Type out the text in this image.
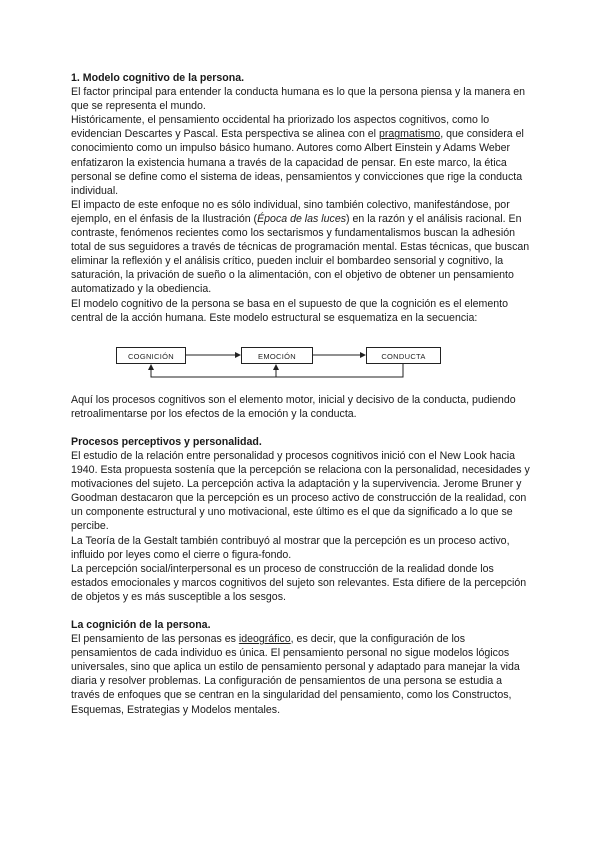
1. Modelo cognitivo de la persona.

El factor principal para entender la conducta humana es lo que la persona piensa y la manera en que se representa el mundo.

Históricamente, el pensamiento occidental ha priorizado los aspectos cognitivos, como lo evidencian Descartes y Pascal. Esta perspectiva se alinea con el pragmatismo, que considera el conocimiento como un impulso básico humano. Autores como Albert Einstein y Adams Weber enfatizaron la existencia humana a través de la capacidad de pensar. En este marco, la ética personal se define como el sistema de ideas, pensamientos y convicciones que rige la conducta individual.

El impacto de este enfoque no es sólo individual, sino también colectivo, manifestándose, por ejemplo, en el énfasis de la Ilustración (Época de las luces) en la razón y el análisis racional. En contraste, fenómenos recientes como los sectarismos y fundamentalismos buscan la adhesión total de sus seguidores a través de técnicas de programación mental. Estas técnicas, que buscan eliminar la reflexión y el análisis crítico, pueden incluir el bombardeo sensorial y cognitivo, la saturación, la privación de sueño o la alimentación, con el objetivo de obtener un pensamiento automatizado y la obediencia.

El modelo cognitivo de la persona se basa en el supuesto de que la cognición es el elemento central de la acción humana. Este modelo estructural se esquematiza en la secuencia:

COGNICIÓN	EMOCIÓN	CONDUCTA

Aquí los procesos cognitivos son el elemento motor, inicial y decisivo de la conducta, pudiendo retroalimentarse por los efectos de la emoción y la conducta.

Procesos perceptivos y personalidad.

El estudio de la relación entre personalidad y procesos cognitivos inició con el New Look hacia 1940. Esta propuesta sostenía que la percepción se relaciona con la personalidad, necesidades y motivaciones del sujeto. La percepción activa la adaptación y la supervivencia. Jerome Bruner y Goodman destacaron que la percepción es un proceso activo de construcción de la realidad, con un componente estructural y uno motivacional, este último es el que da significado a lo que se percibe.

La Teoría de la Gestalt también contribuyó al mostrar que la percepción es un proceso activo, influido por leyes como el cierre o figura-fondo.

La percepción social/interpersonal es un proceso de construcción de la realidad donde los estados emocionales y marcos cognitivos del sujeto son relevantes. Esta difiere de la percepción de objetos y es más susceptible a los sesgos.

La cognición de la persona.

El pensamiento de las personas es ideográfico, es decir, que la configuración de los pensamientos de cada individuo es única. El pensamiento personal no sigue modelos lógicos universales, sino que aplica un estilo de pensamiento personal y adaptado para manejar la vida diaria y resolver problemas. La configuración de pensamientos de una persona se estudia a través de enfoques que se centran en la singularidad del pensamiento, como los Constructos, Esquemas, Estrategias y Modelos mentales.
